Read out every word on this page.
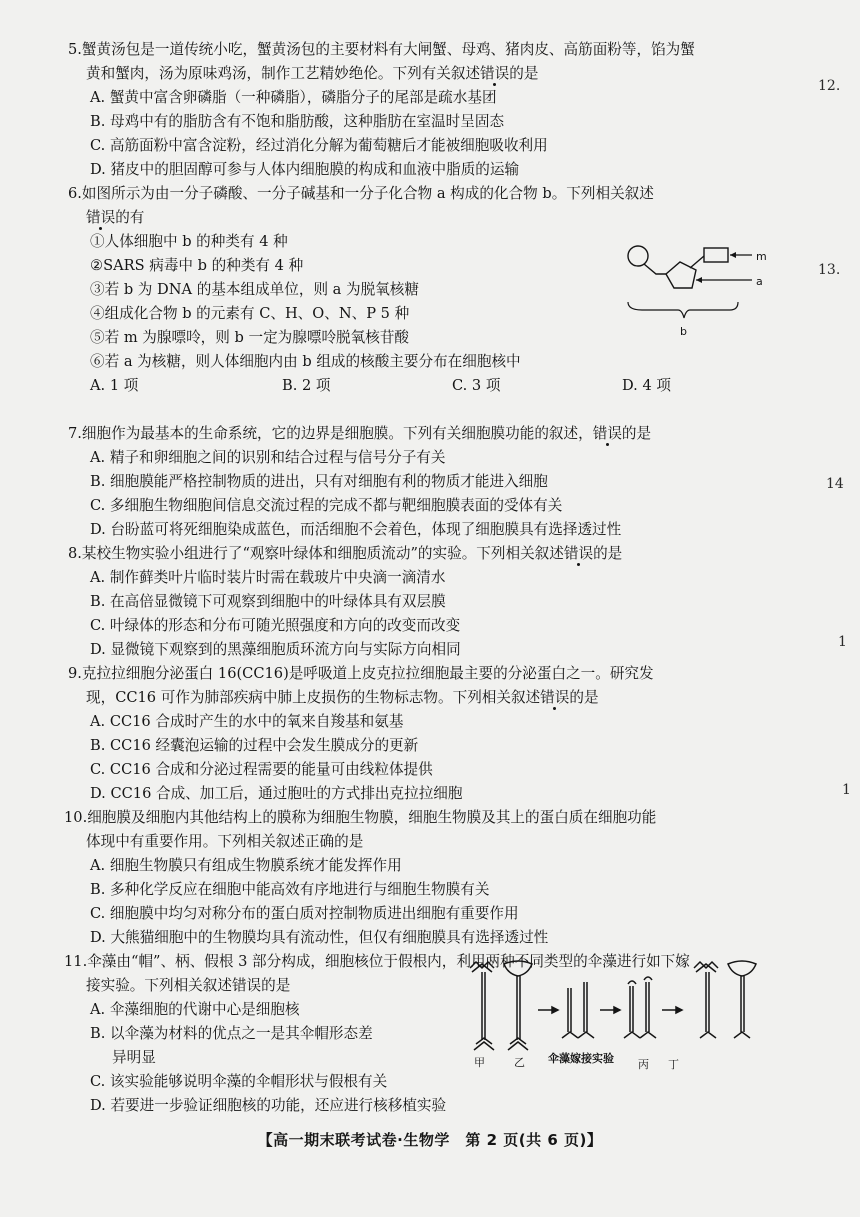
5.蟹黄汤包是一道传统小吃，蟹黄汤包的主要材料有大闸蟹、母鸡、猪肉皮、高筋面粉等，馅为蟹
黄和蟹肉，汤为原味鸡汤，制作工艺精妙绝伦。下列有关叙述错误的是
A. 蟹黄中富含卵磷脂（一种磷脂），磷脂分子的尾部是疏水基团
B. 母鸡中有的脂肪含有不饱和脂肪酸，这种脂肪在室温时呈固态
C. 高筋面粉中富含淀粉，经过消化分解为葡萄糖后才能被细胞吸收利用
D. 猪皮中的胆固醇可参与人体内细胞膜的构成和血液中脂质的运输
6.如图所示为由一分子磷酸、一分子碱基和一分子化合物 a 构成的化合物 b。下列相关叙述
错误的有
①人体细胞中 b 的种类有 4 种
②SARS 病毒中 b 的种类有 4 种
③若 b 为 DNA 的基本组成单位，则 a 为脱氧核糖
④组成化合物 b 的元素有 C、H、O、N、P 5 种
⑤若 m 为腺嘌呤，则 b 一定为腺嘌呤脱氧核苷酸
⑥若 a 为核糖，则人体细胞内由 b 组成的核酸主要分布在细胞核中
A. 1 项	B. 2 项	C. 3 项	D. 4 项
m
a
b
7.细胞作为最基本的生命系统，它的边界是细胞膜。下列有关细胞膜功能的叙述，错误的是
A. 精子和卵细胞之间的识别和结合过程与信号分子有关
B. 细胞膜能严格控制物质的进出，只有对细胞有利的物质才能进入细胞
C. 多细胞生物细胞间信息交流过程的完成不都与靶细胞膜表面的受体有关
D. 台盼蓝可将死细胞染成蓝色，而活细胞不会着色，体现了细胞膜具有选择透过性
8.某校生物实验小组进行了“观察叶绿体和细胞质流动”的实验。下列相关叙述错误的是
A. 制作藓类叶片临时装片时需在载玻片中央滴一滴清水
B. 在高倍显微镜下可观察到细胞中的叶绿体具有双层膜
C. 叶绿体的形态和分布可随光照强度和方向的改变而改变
D. 显微镜下观察到的黑藻细胞质环流方向与实际方向相同
9.克拉拉细胞分泌蛋白 16(CC16)是呼吸道上皮克拉拉细胞最主要的分泌蛋白之一。研究发
现，CC16 可作为肺部疾病中肺上皮损伤的生物标志物。下列相关叙述错误的是
A. CC16 合成时产生的水中的氧来自羧基和氨基
B. CC16 经囊泡运输的过程中会发生膜成分的更新
C. CC16 合成和分泌过程需要的能量可由线粒体提供
D. CC16 合成、加工后，通过胞吐的方式排出克拉拉细胞
10.细胞膜及细胞内其他结构上的膜称为细胞生物膜，细胞生物膜及其上的蛋白质在细胞功能
体现中有重要作用。下列相关叙述正确的是
A. 细胞生物膜只有组成生物膜系统才能发挥作用
B. 多种化学反应在细胞中能高效有序地进行与细胞生物膜有关
C. 细胞膜中均匀对称分布的蛋白质对控制物质进出细胞有重要作用
D. 大熊猫细胞中的生物膜均具有流动性，但仅有细胞膜具有选择透过性
11.伞藻由“帽”、柄、假根 3 部分构成，细胞核位于假根内，利用两种不同类型的伞藻进行如下嫁
接实验。下列相关叙述错误的是
A. 伞藻细胞的代谢中心是细胞核
B. 以伞藻为材料的优点之一是其伞帽形态差
异明显
C. 该实验能够说明伞藻的伞帽形状与假根有关
D. 若要进一步验证细胞核的功能，还应进行核移植实验
甲	乙 伞藻嫁接实验 丙 丁
12.
13.
14
1
1
【高一期末联考试卷·生物学　第 2 页(共 6 页)】
